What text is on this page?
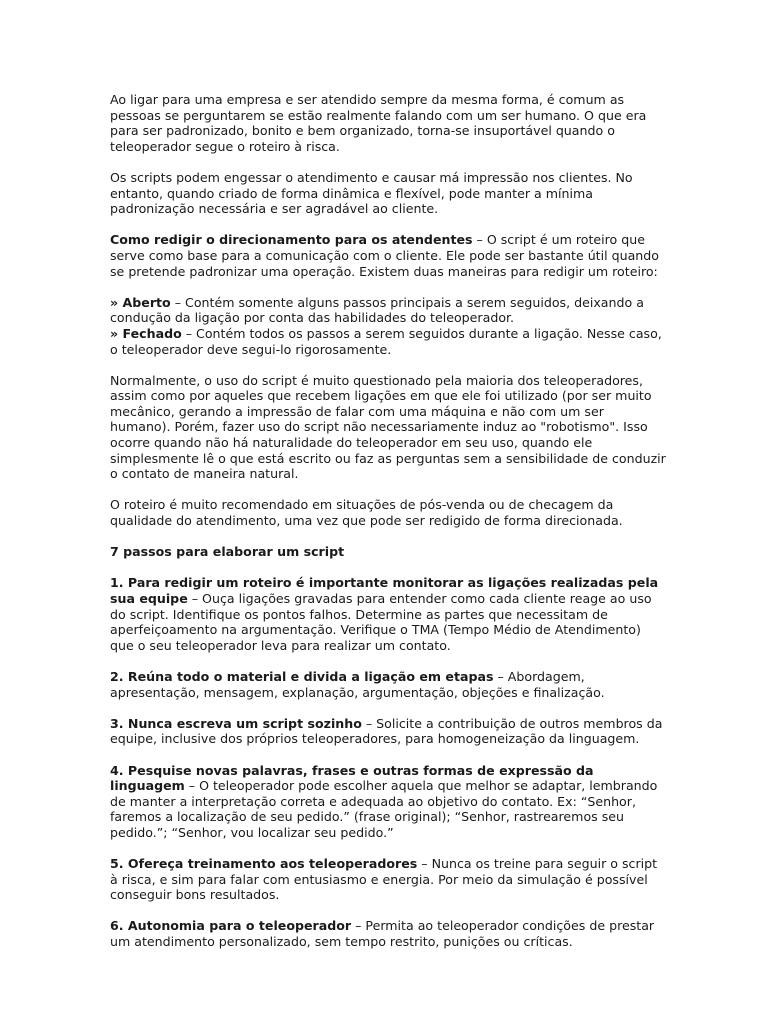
Ao ligar para uma empresa e ser atendido sempre da mesma forma, é comum as pessoas se perguntarem se estão realmente falando com um ser humano. O que era para ser padronizado, bonito e bem organizado, torna-se insuportável quando o teleoperador segue o roteiro à risca.

Os scripts podem engessar o atendimento e causar má impressão nos clientes. No entanto, quando criado de forma dinâmica e flexível, pode manter a mínima padronização necessária e ser agradável ao cliente.

Como redigir o direcionamento para os atendentes – O script é um roteiro que serve como base para a comunicação com o cliente. Ele pode ser bastante útil quando se pretende padronizar uma operação. Existem duas maneiras para redigir um roteiro:

» Aberto – Contém somente alguns passos principais a serem seguidos, deixando a condução da ligação por conta das habilidades do teleoperador.

» Fechado – Contém todos os passos a serem seguidos durante a ligação. Nesse caso, o teleoperador deve segui-lo rigorosamente.

Normalmente, o uso do script é muito questionado pela maioria dos teleoperadores, assim como por aqueles que recebem ligações em que ele foi utilizado (por ser muito mecânico, gerando a impressão de falar com uma máquina e não com um ser humano). Porém, fazer uso do script não necessariamente induz ao "robotismo". Isso ocorre quando não há naturalidade do teleoperador em seu uso, quando ele simplesmente lê o que está escrito ou faz as perguntas sem a sensibilidade de conduzir o contato de maneira natural.

O roteiro é muito recomendado em situações de pós-venda ou de checagem da qualidade do atendimento, uma vez que pode ser redigido de forma direcionada.

7 passos para elaborar um script

1. Para redigir um roteiro é importante monitorar as ligações realizadas pela sua equipe – Ouça ligações gravadas para entender como cada cliente reage ao uso do script. Identifique os pontos falhos. Determine as partes que necessitam de aperfeiçoamento na argumentação. Verifique o TMA (Tempo Médio de Atendimento) que o seu teleoperador leva para realizar um contato.

2. Reúna todo o material e divida a ligação em etapas – Abordagem, apresentação, mensagem, explanação, argumentação, objeções e finalização.

3. Nunca escreva um script sozinho – Solicite a contribuição de outros membros da equipe, inclusive dos próprios teleoperadores, para homogeneização da linguagem.

4. Pesquise novas palavras, frases e outras formas de expressão da linguagem – O teleoperador pode escolher aquela que melhor se adaptar, lembrando de manter a interpretação correta e adequada ao objetivo do contato. Ex: “Senhor, faremos a localização de seu pedido.” (frase original); “Senhor, rastrearemos seu pedido.”; “Senhor, vou localizar seu pedido.”

5. Ofereça treinamento aos teleoperadores – Nunca os treine para seguir o script à risca, e sim para falar com entusiasmo e energia. Por meio da simulação é possível conseguir bons resultados.

6. Autonomia para o teleoperador – Permita ao teleoperador condições de prestar um atendimento personalizado, sem tempo restrito, punições ou críticas.
